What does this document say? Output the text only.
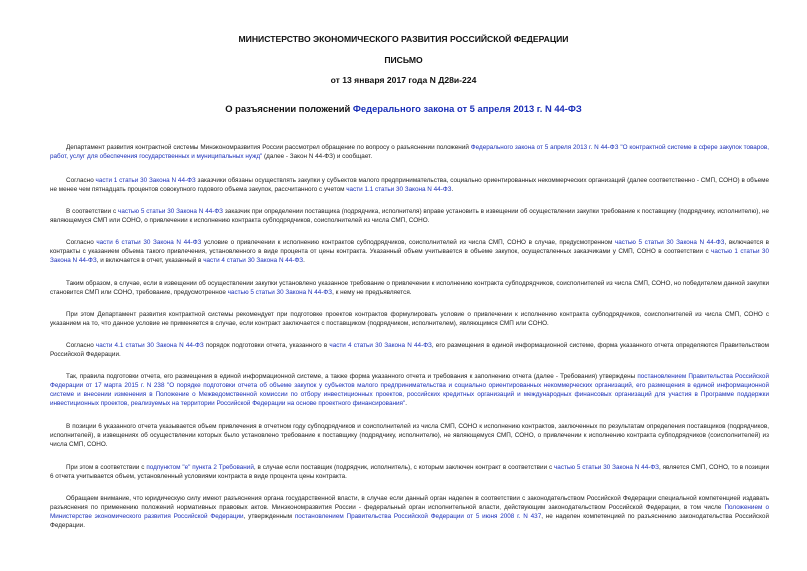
МИНИСТЕРСТВО ЭКОНОМИЧЕСКОГО РАЗВИТИЯ РОССИЙСКОЙ ФЕДЕРАЦИИ

ПИСЬМО

от 13 января 2017 года N Д28и-224

О разъяснении положений Федерального закона от 5 апреля 2013 г. N 44-ФЗ

Департамент развития контрактной системы Минэкономразвития России рассмотрел обращение по вопросу о разъяснении положений Федерального закона от 5 апреля 2013 г. N 44-ФЗ "О контрактной системе в сфере закупок товаров, работ, услуг для обеспечения государственных и муниципальных нужд" (далее - Закон N 44-ФЗ) и сообщает.

Согласно части 1 статьи 30 Закона N 44-ФЗ заказчики обязаны осуществлять закупки у субъектов малого предпринимательства, социально ориентированных некоммерческих организаций (далее соответственно - СМП, СОНО) в объеме не менее чем пятнадцать процентов совокупного годового объема закупок, рассчитанного с учетом части 1.1 статьи 30 Закона N 44-ФЗ.

В соответствии с частью 5 статьи 30 Закона N 44-ФЗ заказчик при определении поставщика (подрядчика, исполнителя) вправе установить в извещении об осуществлении закупки требование к поставщику (подрядчику, исполнителю), не являющемуся СМП или СОНО, о привлечении к исполнению контракта субподрядчиков, соисполнителей из числа СМП, СОНО.

Согласно части 6 статьи 30 Закона N 44-ФЗ условие о привлечении к исполнению контрактов субподрядчиков, соисполнителей из числа СМП, СОНО в случае, предусмотренном частью 5 статьи 30 Закона N 44-ФЗ, включается в контракты с указанием объема такого привлечения, установленного в виде процента от цены контракта. Указанный объем учитывается в объеме закупок, осуществленных заказчиками у СМП, СОНО в соответствии с частью 1 статьи 30 Закона N 44-ФЗ, и включается в отчет, указанный в части 4 статьи 30 Закона N 44-ФЗ.

Таким образом, в случае, если в извещении об осуществлении закупки установлено указанное требование о привлечении к исполнению контракта субподрядчиков, соисполнителей из числа СМП, СОНО, но победителем данной закупки становится СМП или СОНО, требование, предусмотренное частью 5 статьи 30 Закона N 44-ФЗ, к нему не предъявляется.

При этом Департамент развития контрактной системы рекомендует при подготовке проектов контрактов формулировать условие о привлечении к исполнению контракта субподрядчиков, соисполнителей из числа СМП, СОНО с указанием на то, что данное условие не применяется в случае, если контракт заключается с поставщиком (подрядчиком, исполнителем), являющимся СМП или СОНО.

Согласно части 4.1 статьи 30 Закона N 44-ФЗ порядок подготовки отчета, указанного в части 4 статьи 30 Закона N 44-ФЗ, его размещения в единой информационной системе, форма указанного отчета определяются Правительством Российской Федерации.

Так, правила подготовки отчета, его размещения в единой информационной системе, а также форма указанного отчета и требования к заполнению отчета (далее - Требования) утверждены постановлением Правительства Российской Федерации от 17 марта 2015 г. N 238 "О порядке подготовки отчета об объеме закупок у субъектов малого предпринимательства и социально ориентированных некоммерческих организаций, его размещения в единой информационной системе и внесении изменения в Положение о Межведомственной комиссии по отбору инвестиционных проектов, российских кредитных организаций и международных финансовых организаций для участия в Программе поддержки инвестиционных проектов, реализуемых на территории Российской Федерации на основе проектного финансирования".

В позиции 6 указанного отчета указывается объем привлечения в отчетном году субподрядчиков и соисполнителей из числа СМП, СОНО к исполнению контрактов, заключенных по результатам определения поставщиков (подрядчиков, исполнителей), в извещениях об осуществлении которых было установлено требование к поставщику (подрядчику, исполнителю), не являющемуся СМП, СОНО, о привлечении к исполнению контракта субподрядчиков (соисполнителей) из числа СМП, СОНО.

При этом в соответствии с подпунктом "е" пункта 2 Требований, в случае если поставщик (подрядчик, исполнитель), с которым заключен контракт в соответствии с частью 5 статьи 30 Закона N 44-ФЗ, является СМП, СОНО, то в позиции 6 отчета учитывается объем, установленный условиями контракта в виде процента цены контракта.

Обращаем внимание, что юридическую силу имеют разъяснения органа государственной власти, в случае если данный орган наделен в соответствии с законодательством Российской Федерации специальной компетенцией издавать разъяснения по применению положений нормативных правовых актов. Минэкономразвития России - федеральный орган исполнительной власти, действующим законодательством Российской Федерации, в том числе Положением о Министерстве экономического развития Российской Федерации, утвержденным постановлением Правительства Российской Федерации от 5 июня 2008 г. N 437, не наделен компетенцией по разъяснению законодательства Российской Федерации.
